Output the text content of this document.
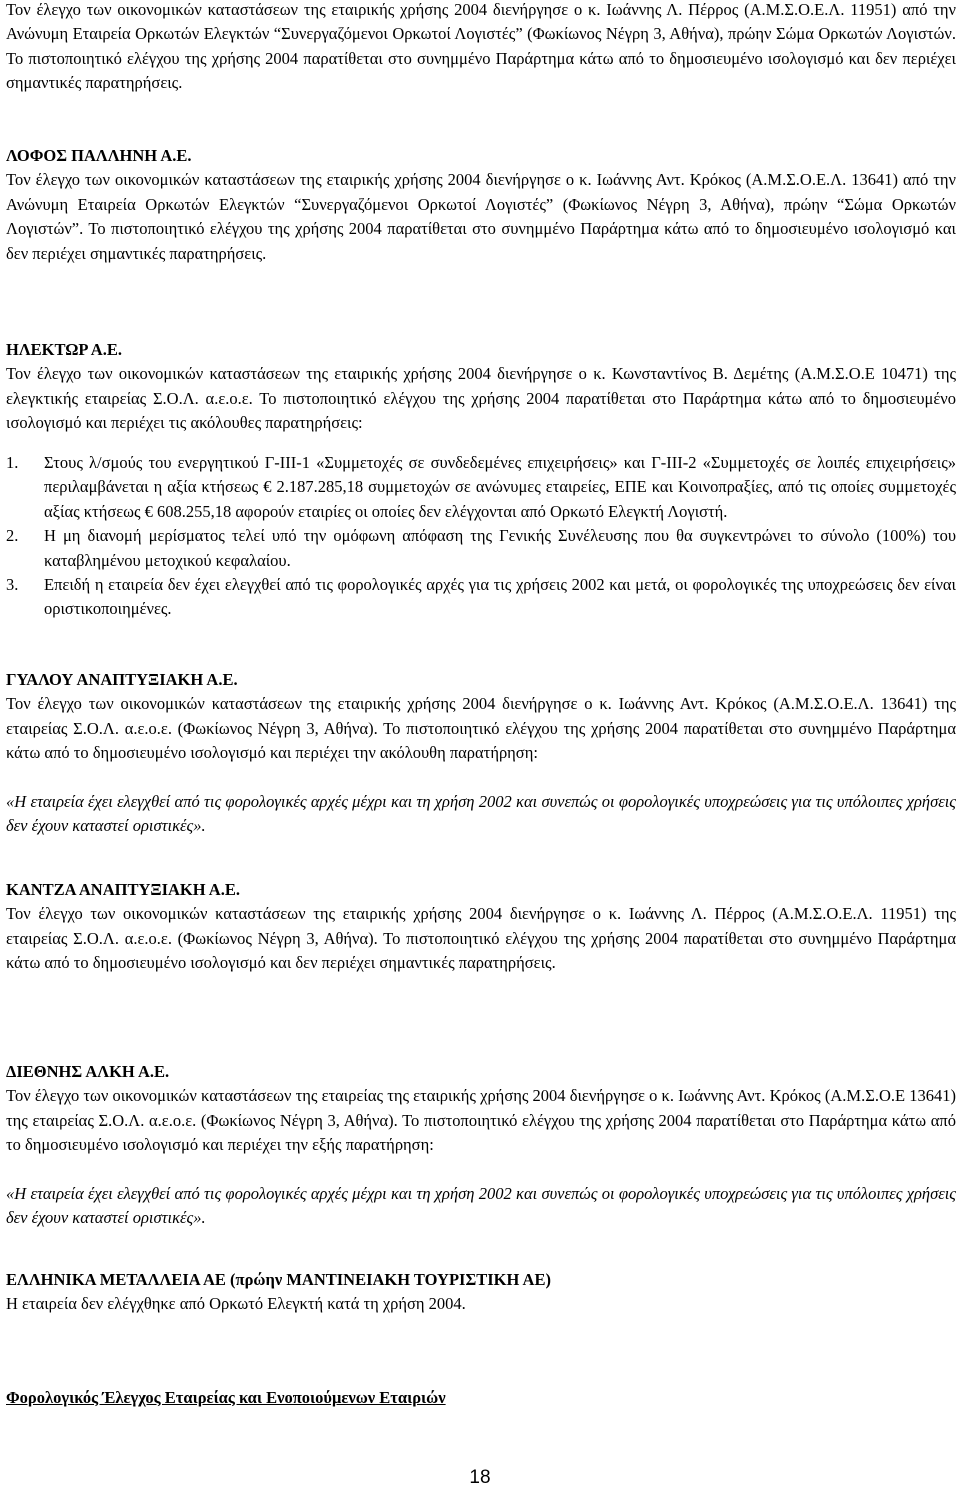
Τον έλεγχο των οικονομικών καταστάσεων της εταιρικής χρήσης 2004 διενήργησε ο κ. Ιωάννης Λ. Πέρρος (Α.Μ.Σ.Ο.Ε.Λ. 11951) από την Ανώνυμη Εταιρεία Ορκωτών Ελεγκτών “Συνεργαζόμενοι Ορκωτοί Λογιστές” (Φωκίωνος Νέγρη 3, Αθήνα), πρώην Σώμα Ορκωτών Λογιστών. Το πιστοποιητικό ελέγχου της χρήσης 2004 παρατίθεται στο συνημμένο Παράρτημα κάτω από το δημοσιευμένο ισολογισμό και δεν περιέχει σημαντικές παρατηρήσεις.

ΛΟΦΟΣ ΠΑΛΛΗΝΗ Α.Ε.

Τον έλεγχο των οικονομικών καταστάσεων της εταιρικής χρήσης 2004 διενήργησε ο κ. Ιωάννης Αντ. Κρόκος (Α.Μ.Σ.Ο.Ε.Λ. 13641) από την Ανώνυμη Εταιρεία Ορκωτών Ελεγκτών “Συνεργαζόμενοι Ορκωτοί Λογιστές” (Φωκίωνος Νέγρη 3, Αθήνα), πρώην “Σώμα Ορκωτών Λογιστών”. Το πιστοποιητικό ελέγχου της χρήσης 2004 παρατίθεται στο συνημμένο Παράρτημα κάτω από το δημοσιευμένο ισολογισμό και δεν περιέχει σημαντικές παρατηρήσεις.

ΗΛΕΚΤΩΡ Α.Ε.

Τον έλεγχο των οικονομικών καταστάσεων της εταιρικής χρήσης 2004 διενήργησε ο κ. Κωνσταντίνος Β. Δεμέτης (Α.Μ.Σ.Ο.Ε 10471) της ελεγκτικής εταιρείας Σ.Ο.Λ. α.ε.ο.ε. Το πιστοποιητικό ελέγχου της χρήσης 2004 παρατίθεται στο Παράρτημα κάτω από το δημοσιευμένο ισολογισμό και περιέχει τις ακόλουθες παρατηρήσεις:

1.	Στους λ/σμούς του ενεργητικού Γ-ΙΙΙ-1 «Συμμετοχές σε συνδεδεμένες επιχειρήσεις» και Γ-ΙΙΙ-2 «Συμμετοχές σε λοιπές επιχειρήσεις» περιλαμβάνεται η αξία κτήσεως € 2.187.285,18 συμμετοχών σε ανώνυμες εταιρείες, ΕΠΕ και Κοινοπραξίες, από τις οποίες συμμετοχές αξίας κτήσεως € 608.255,18 αφορούν εταιρίες οι οποίες δεν ελέγχονται από Ορκωτό Ελεγκτή Λογιστή.
2.	Η μη διανομή μερίσματος τελεί υπό την ομόφωνη απόφαση της Γενικής Συνέλευσης που θα συγκεντρώνει το σύνολο (100%) του καταβλημένου μετοχικού κεφαλαίου.
3.	Επειδή η εταιρεία δεν έχει ελεγχθεί από τις φορολογικές αρχές για τις χρήσεις 2002 και μετά, οι φορολογικές της υποχρεώσεις δεν είναι οριστικοποιημένες.

ΓΥΑΛΟΥ ΑΝΑΠΤΥΞΙΑΚΗ Α.Ε.

Τον έλεγχο των οικονομικών καταστάσεων της εταιρικής χρήσης 2004 διενήργησε ο κ. Ιωάννης Αντ. Κρόκος (Α.Μ.Σ.Ο.Ε.Λ. 13641) της εταιρείας Σ.Ο.Λ. α.ε.ο.ε. (Φωκίωνος Νέγρη 3, Αθήνα). Το πιστοποιητικό ελέγχου της χρήσης 2004 παρατίθεται στο συνημμένο Παράρτημα κάτω από το δημοσιευμένο ισολογισμό και περιέχει την ακόλουθη παρατήρηση:

«Η εταιρεία έχει ελεγχθεί από τις φορολογικές αρχές μέχρι και τη χρήση 2002 και συνεπώς οι φορολογικές υποχρεώσεις για τις υπόλοιπες χρήσεις δεν έχουν καταστεί οριστικές».

ΚΑΝΤΖΑ ΑΝΑΠΤΥΞΙΑΚΗ Α.Ε.

Τον έλεγχο των οικονομικών καταστάσεων της εταιρικής χρήσης 2004 διενήργησε ο κ. Ιωάννης Λ. Πέρρος (Α.Μ.Σ.Ο.Ε.Λ. 11951) της εταιρείας Σ.Ο.Λ. α.ε.ο.ε. (Φωκίωνος Νέγρη 3, Αθήνα). Το πιστοποιητικό ελέγχου της χρήσης 2004 παρατίθεται στο συνημμένο Παράρτημα κάτω από το δημοσιευμένο ισολογισμό και δεν περιέχει σημαντικές παρατηρήσεις.

ΔΙΕΘΝΗΣ ΑΛΚΗ Α.Ε.

Τον έλεγχο των οικονομικών καταστάσεων της εταιρείας της εταιρικής χρήσης 2004 διενήργησε ο κ. Ιωάννης Αντ. Κρόκος (Α.Μ.Σ.Ο.Ε 13641) της εταιρείας Σ.Ο.Λ. α.ε.ο.ε. (Φωκίωνος Νέγρη 3, Αθήνα). Το πιστοποιητικό ελέγχου της χρήσης 2004 παρατίθεται στο Παράρτημα κάτω από το δημοσιευμένο ισολογισμό και περιέχει την εξής παρατήρηση:

«Η εταιρεία έχει ελεγχθεί από τις φορολογικές αρχές μέχρι και τη χρήση 2002 και συνεπώς οι φορολογικές υποχρεώσεις για τις υπόλοιπες χρήσεις δεν έχουν καταστεί οριστικές».

ΕΛΛΗΝΙΚΑ ΜΕΤΑΛΛΕΙΑ ΑΕ (πρώην ΜΑΝΤΙΝΕΙΑΚΗ ΤΟΥΡΙΣΤΙΚΗ ΑΕ)

Η εταιρεία δεν ελέγχθηκε από Ορκωτό Ελεγκτή κατά τη χρήση 2004.

Φορολογικός Έλεγχος Εταιρείας και Ενοποιούμενων Εταιριών
18
